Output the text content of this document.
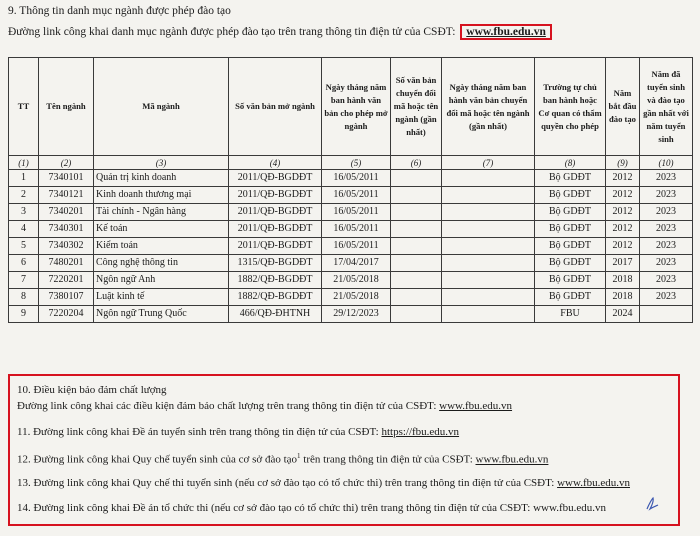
9. Thông tin danh mục ngành được phép đào tạo
Đường link công khai danh mục ngành được phép đào tạo trên trang thông tin điện tử của CSĐT: www.fbu.edu.vn
TT	Tên ngành	Mã ngành	Số văn bản mở ngành	Ngày tháng năm ban hành văn bản cho phép mở ngành	Số văn bản chuyển đổi mã hoặc tên ngành (gần nhất)	Ngày tháng năm ban hành văn bản chuyển đổi mã hoặc tên ngành (gần nhất)	Trường tự chủ ban hành hoặc Cơ quan có thẩm quyền cho phép	Năm bắt đầu đào tạo	Năm đã tuyển sinh và đào tạo gần nhất với năm tuyển sinh
(1)	(2)	(3)	(4)	(5)	(6)	(7)	(8)	(9)	(10)
1	7340101	Quản trị kinh doanh	2011/QĐ-BGDĐT	16/05/2011			Bộ GDĐT	2012	2023
2	7340121	Kinh doanh thương mại	2011/QĐ-BGDĐT	16/05/2011			Bộ GDĐT	2012	2023
3	7340201	Tài chính - Ngân hàng	2011/QĐ-BGDĐT	16/05/2011			Bộ GDĐT	2012	2023
4	7340301	Kế toán	2011/QĐ-BGDĐT	16/05/2011			Bộ GDĐT	2012	2023
5	7340302	Kiểm toán	2011/QĐ-BGDĐT	16/05/2011			Bộ GDĐT	2012	2023
6	7480201	Công nghệ thông tin	1315/QĐ-BGDĐT	17/04/2017			Bộ GDĐT	2017	2023
7	7220201	Ngôn ngữ Anh	1882/QĐ-BGDĐT	21/05/2018			Bộ GDĐT	2018	2023
8	7380107	Luật kinh tế	1882/QĐ-BGDĐT	21/05/2018			Bộ GDĐT	2018	2023
9	7220204	Ngôn ngữ Trung Quốc	466/QĐ-ĐHTNH	29/12/2023			FBU	2024	
10. Điều kiện bảo đảm chất lượng
Đường link công khai các điều kiện đảm bảo chất lượng trên trang thông tin điện tử của CSĐT: www.fbu.edu.vn
11. Đường link công khai Đề án tuyển sinh trên trang thông tin điện tử của CSĐT: https://fbu.edu.vn
12. Đường link công khai Quy chế tuyển sinh của cơ sở đào tạo$^1$ trên trang thông tin điện tử của CSĐT: www.fbu.edu.vn
13. Đường link công khai Quy chế thi tuyển sinh (nếu cơ sở đào tạo có tổ chức thi) trên trang thông tin điện tử của CSĐT: www.fbu.edu.vn
14. Đường link công khai Đề án tổ chức thi (nếu cơ sở đào tạo có tổ chức thi) trên trang thông tin điện tử của CSĐT: www.fbu.edu.vn
